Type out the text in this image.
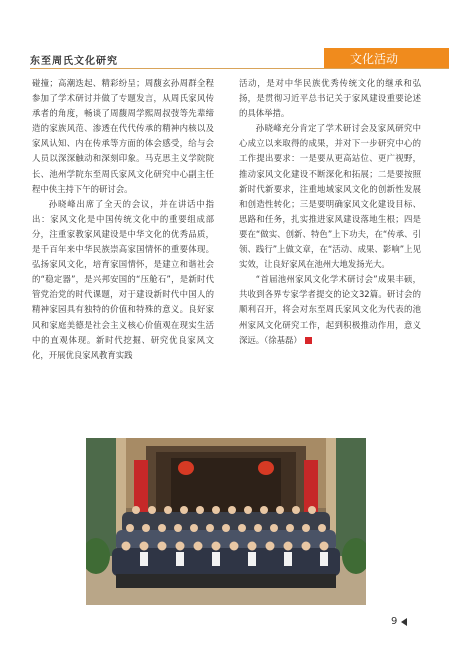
东至周氏文化研究	文化活动

碰撞；高潮迭起、精彩纷呈；周馥玄孙周群全程参加了学术研讨并做了专题发言，从周氏家风传承者的角度，畅谈了周馥周学熙周叔弢等先辈缔造的家族风范、渗透在代代传承的精神内核以及家风认知、内在传承等方面的体会感受，给与会人员以深深触动和深刻印象。马克思主义学院院长、池州学院东至周氏家风文化研究中心副主任程中侠主持下午的研讨会。

孙晓峰出席了全天的会议，并在讲话中指出：家风文化是中国传统文化中的重要组成部分，注重家教家风建设是中华文化的优秀品质，是千百年来中华民族崇高家国情怀的重要体现。弘扬家风文化，培育家国情怀，是建立和谐社会的“稳定器”，是兴邦安国的“压舱石”，是新时代管党治党的时代课题，对于建设新时代中国人的精神家园具有独特的价值和特殊的意义。良好家风和家庭美德是社会主义核心价值观在现实生活中的直观体现。新时代挖掘、研究优良家风文化，开展优良家风教育实践

活动，是对中华民族优秀传统文化的继承和弘扬，是贯彻习近平总书记关于家风建设重要论述的具体举措。

孙晓峰充分肯定了学术研讨会及家风研究中心成立以来取得的成果，并对下一步研究中心的工作提出要求：一是要从更高站位、更广视野，推动家风文化建设不断深化和拓展；二是要按照新时代新要求，注重地域家风文化的创新性发展和创造性转化；三是要明确家风文化建设目标、思路和任务，扎实推进家风建设落地生根；四是要在“做实、创新、特色”上下功夫，在“传承、引领、践行”上做文章，在“活动、成果、影响”上见实效，让良好家风在池州大地发扬光大。

“首届池州家风文化学术研讨会”成果丰硕，共收到各界专家学者提交的论文32篇。研讨会的顺利召开，将会对东至周氏家风文化为代表的池州家风文化研究工作，起到积极推动作用，意义深远。（徐基磊）

9
